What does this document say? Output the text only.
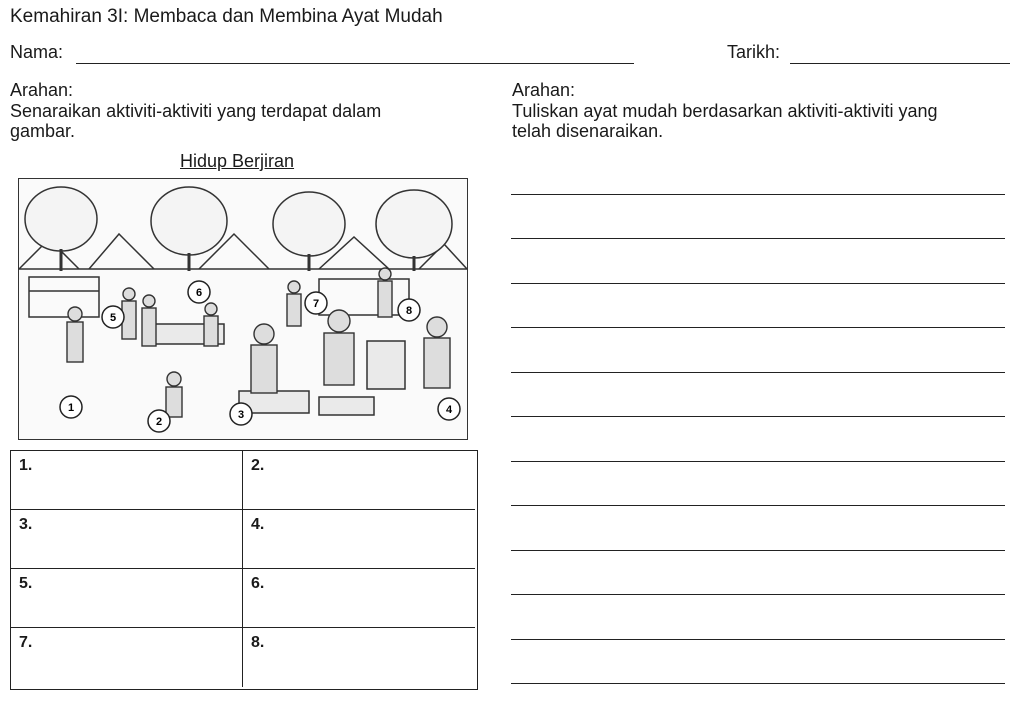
Kemahiran 3I: Membaca dan Membina Ayat Mudah
Nama:	Tarikh:
Arahan:
Senaraikan aktiviti-aktiviti yang terdapat dalam
gambar.
Arahan:
Tuliskan ayat mudah berdasarkan aktiviti-aktiviti yang
telah disenaraikan.
Hidup Berjiran
1
2
3	4
5
6
7
8
1.	2.
3.	4.
5.	6.
7.	8.
